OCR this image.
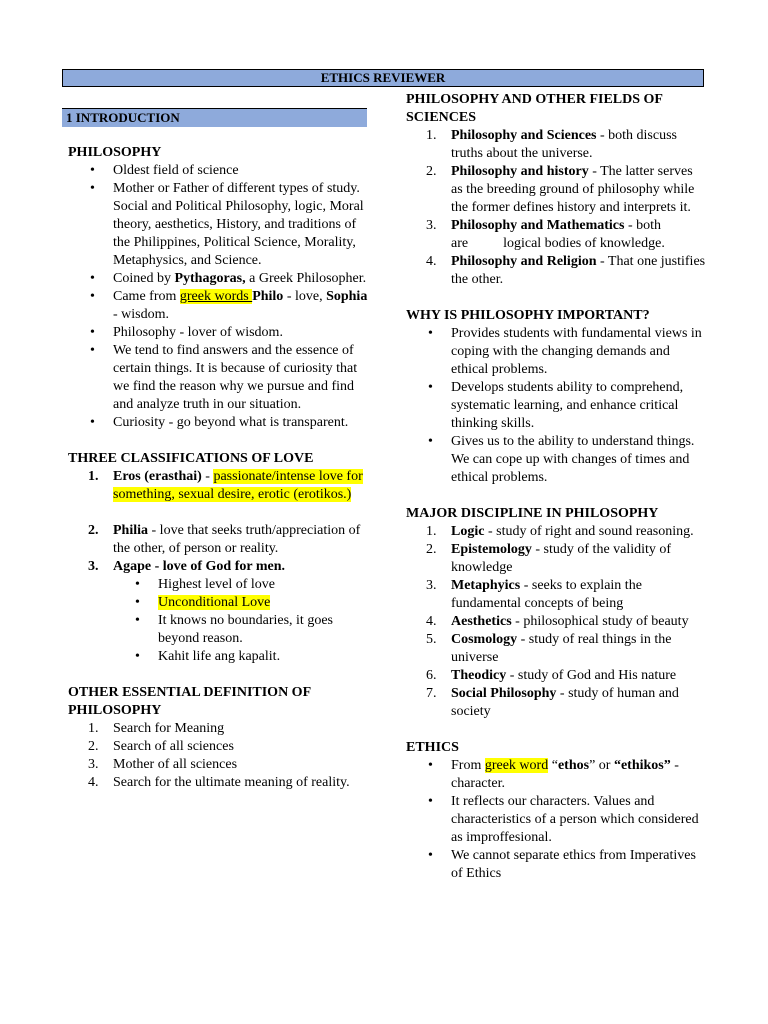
ETHICS REVIEWER
1 INTRODUCTION
PHILOSOPHY
• Oldest field of science
• Mother or Father of different types of study. Social and Political Philosophy, logic, Moral theory, aesthetics, History, and traditions of the Philippines, Political Science, Morality, Metaphysics, and Science.
• Coined by Pythagoras, a Greek Philosopher.
• Came from greek words Philo - love, Sophia - wisdom.
• Philosophy - lover of wisdom.
• We tend to find answers and the essence of certain things. It is because of curiosity that we find the reason why we pursue and find and analyze truth in our situation.
• Curiosity - go beyond what is transparent.
THREE CLASSIFICATIONS OF LOVE
1. Eros (erasthai) - passionate/intense love for something, sexual desire, erotic (erotikos.)
2. Philia - love that seeks truth/appreciation of the other, of person or reality.
3. Agape - love of God for men.
• Highest level of love
• Unconditional Love
• It knows no boundaries, it goes beyond reason.
• Kahit life ang kapalit.
OTHER ESSENTIAL DEFINITION OF PHILOSOPHY
1. Search for Meaning
2. Search of all sciences
3. Mother of all sciences
4. Search for the ultimate meaning of reality.
PHILOSOPHY AND OTHER FIELDS OF SCIENCES
1. Philosophy and Sciences - both discuss truths about the universe.
2. Philosophy and history - The latter serves as the breeding ground of philosophy while the former defines history and interprets it.
3. Philosophy and Mathematics - both are          logical bodies of knowledge.
4. Philosophy and Religion - That one justifies the other.
WHY IS PHILOSOPHY IMPORTANT?
• Provides students with fundamental views in coping with the changing demands and ethical problems.
• Develops students ability to comprehend, systematic learning, and enhance critical thinking skills.
• Gives us to the ability to understand things. We can cope up with changes of times and ethical problems.
MAJOR DISCIPLINE IN PHILOSOPHY
1. Logic - study of right and sound reasoning.
2. Epistemology - study of the validity of knowledge
3. Metaphyics - seeks to explain the fundamental concepts of being
4. Aesthetics - philosophical study of beauty
5. Cosmology - study of real things in the universe
6. Theodicy - study of God and His nature
7. Social Philosophy - study of human and society
ETHICS
• From greek word “ethos” or “ethikos” - character.
• It reflects our characters. Values and characteristics of a person which considered as improffesional.
• We cannot separate ethics from Imperatives of Ethics
